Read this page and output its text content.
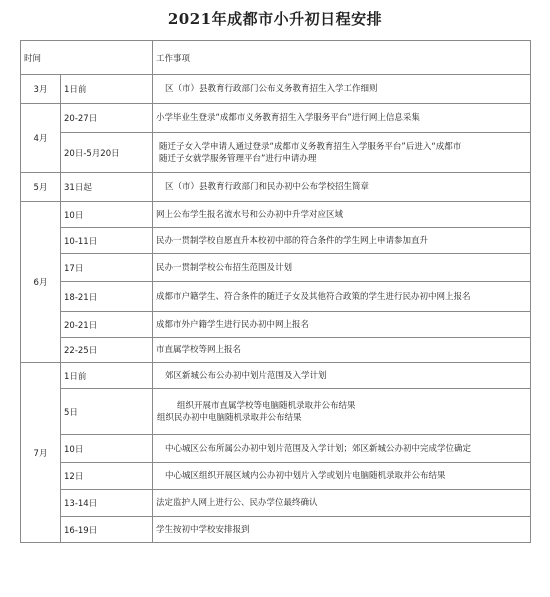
2021年成都市小升初日程安排
时间		工作事项
3月	1日前	区（市）县教育行政部门公布义务教育招生入学工作细则
4月	20-27日	小学毕业生登录“成都市义务教育招生入学服务平台”进行网上信息采集
	20日-5月20日	随迁子女入学申请人通过登录“成都市义务教育招生入学服务平台”后进入“成都市
随迁子女就学服务管理平台”进行申请办理

5月	31日起	区（市）县教育行政部门和民办初中公布学校招生简章
6月	10日	网上公布学生报名流水号和公办初中升学对应区域
	10-11日	民办一贯制学校自愿直升本校初中部的符合条件的学生网上申请参加直升
	17日	民办一贯制学校公布招生范围及计划
	18-21日	成都市户籍学生、符合条件的随迁子女及其他符合政策的学生进行民办初中网上报名
	20-21日	成都市外户籍学生进行民办初中网上报名
	22-25日	市直属学校等网上报名
7月	1日前	郊区新城公布公办初中划片范围及入学计划
	5日	组织开展市直属学校等电脑随机录取并公布结果
组织民办初中电脑随机录取并公布结果

	10日	中心城区公布所属公办初中划片范围及入学计划；郊区新城公办初中完成学位确定
	12日	中心城区组织开展区域内公办初中划片入学或划片电脑随机录取并公布结果
	13-14日	法定监护人网上进行公、民办学位最终确认
	16-19日	学生按初中学校安排报到
